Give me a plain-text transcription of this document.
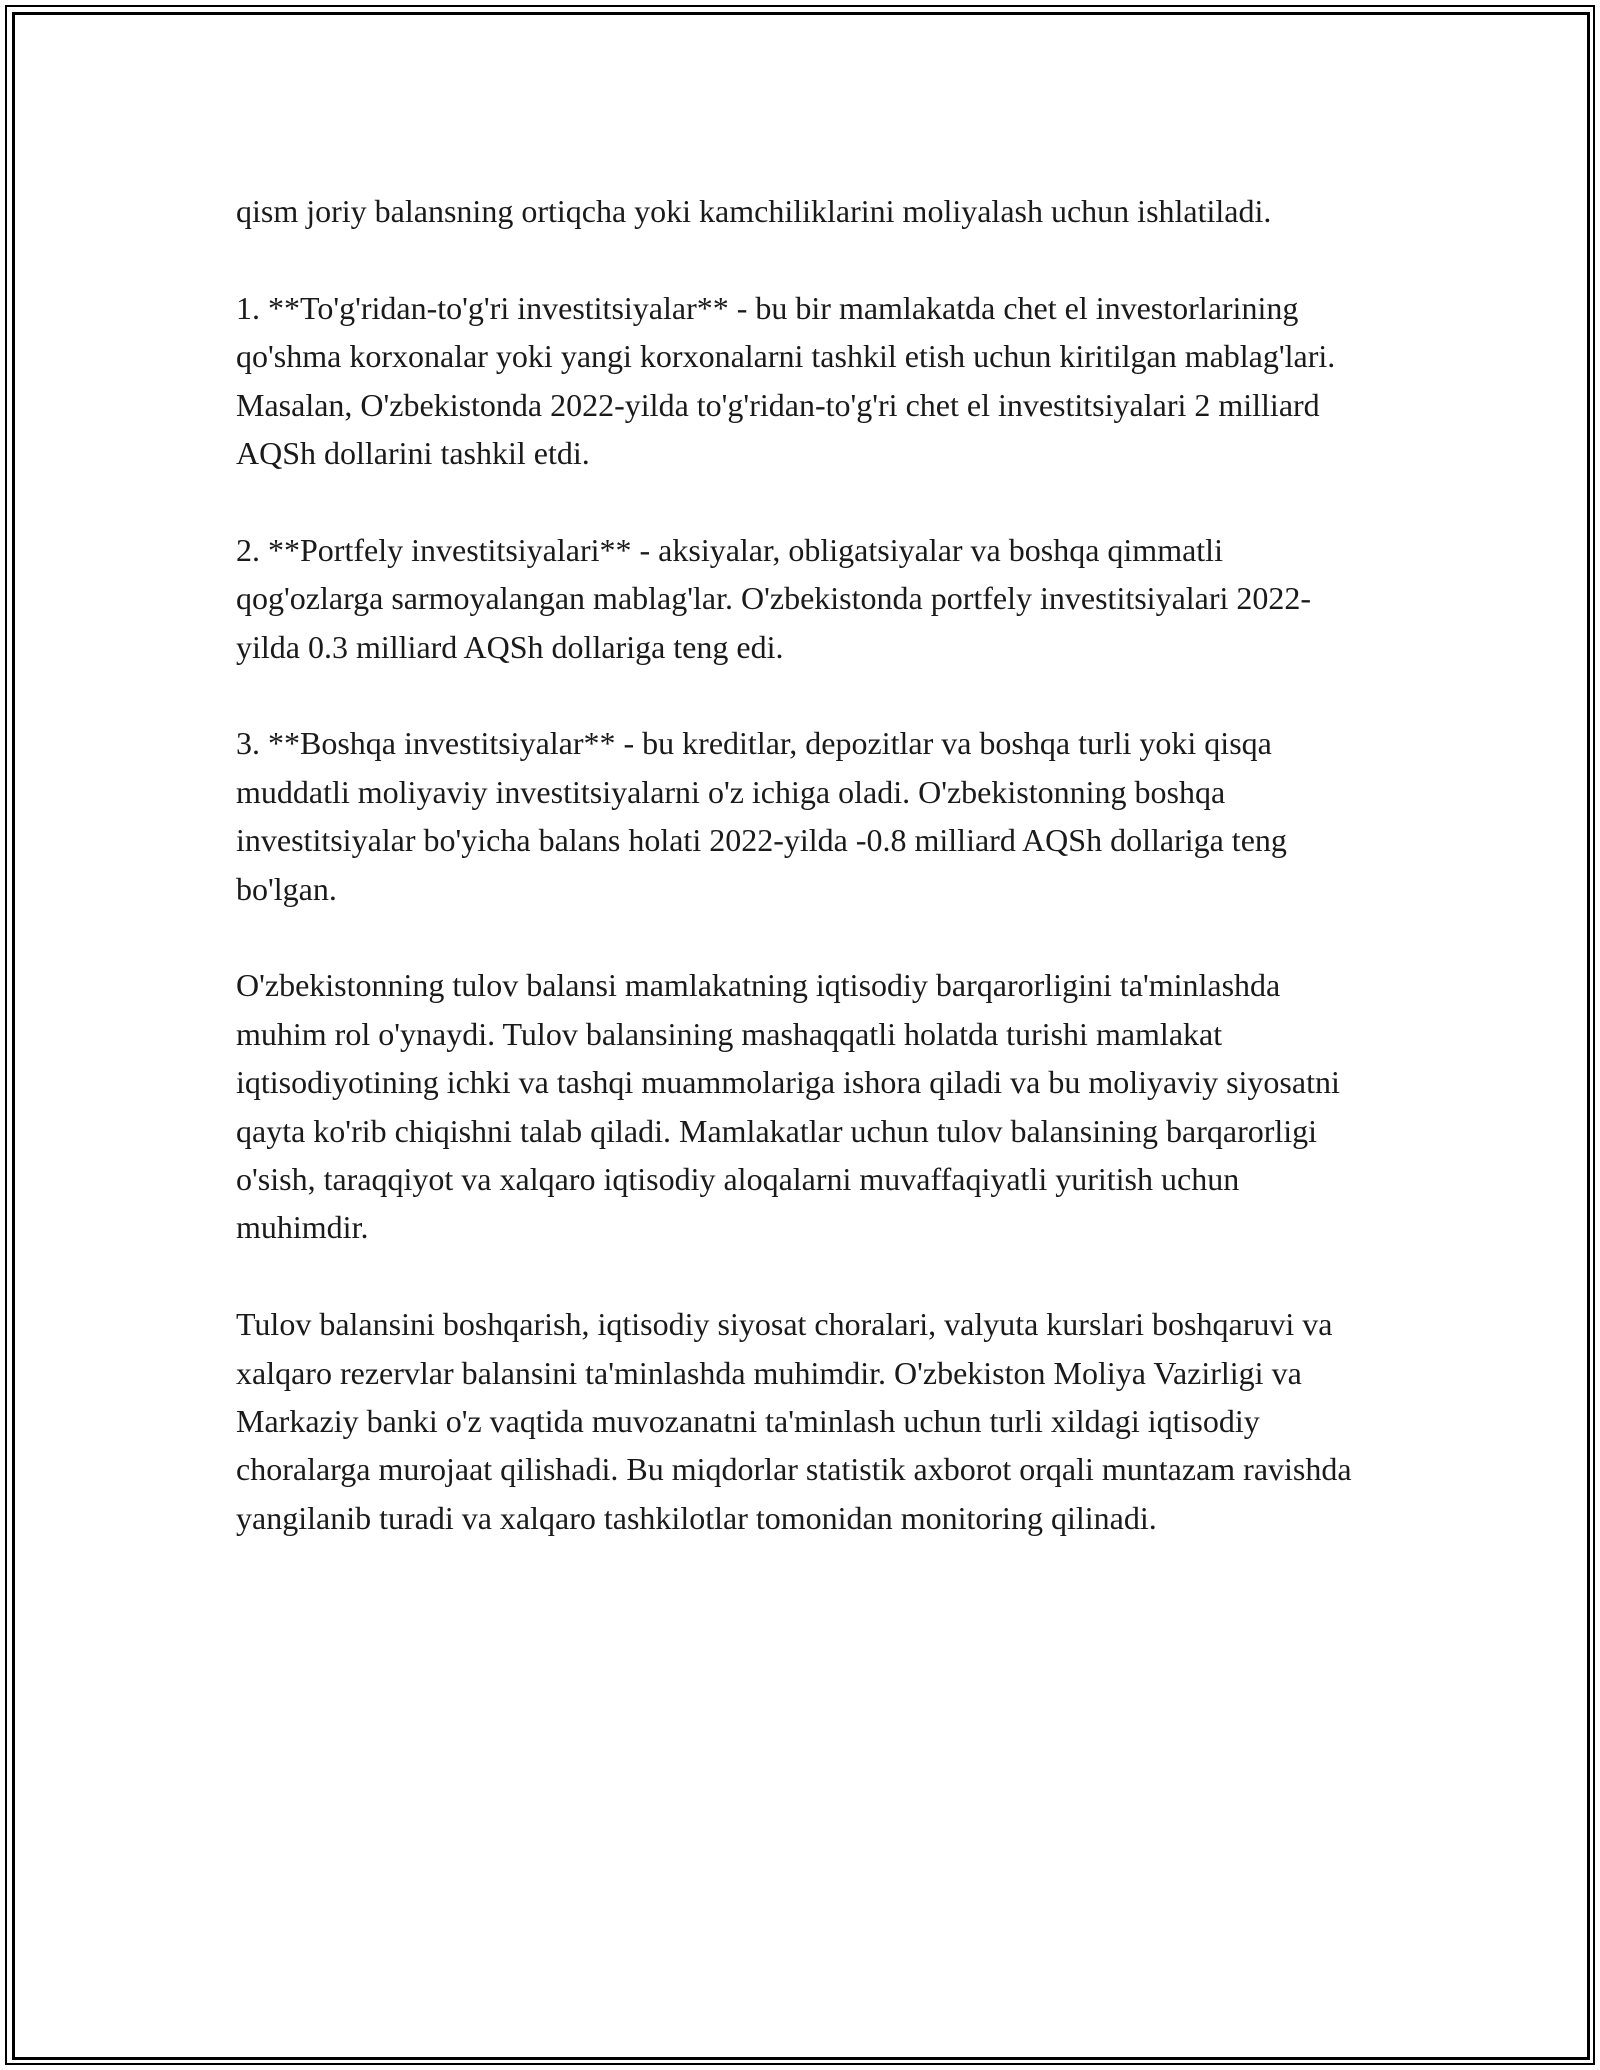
qism joriy balansning ortiqcha yoki kamchiliklarini moliyalash uchun ishlatiladi.

1. **To'g'ridan-to'g'ri investitsiyalar** - bu bir mamlakatda chet el investorlarining qo'shma korxonalar yoki yangi korxonalarni tashkil etish uchun kiritilgan mablag'lari. Masalan, O'zbekistonda 2022-yilda to'g'ridan-to'g'ri chet el investitsiyalari 2 milliard AQSh dollarini tashkil etdi.

2. **Portfely investitsiyalari** - aksiyalar, obligatsiyalar va boshqa qimmatli qog'ozlarga sarmoyalangan mablag'lar. O'zbekistonda portfely investitsiyalari 2022-yilda 0.3 milliard AQSh dollariga teng edi.

3. **Boshqa investitsiyalar** - bu kreditlar, depozitlar va boshqa turli yoki qisqa muddatli moliyaviy investitsiyalarni o'z ichiga oladi. O'zbekistonning boshqa investitsiyalar bo'yicha balans holati 2022-yilda -0.8 milliard AQSh dollariga teng bo'lgan.

O'zbekistonning tulov balansi mamlakatning iqtisodiy barqarorligini ta'minlashda muhim rol o'ynaydi. Tulov balansining mashaqqatli holatda turishi mamlakat iqtisodiyotining ichki va tashqi muammolariga ishora qiladi va bu moliyaviy siyosatni qayta ko'rib chiqishni talab qiladi. Mamlakatlar uchun tulov balansining barqarorligi o'sish, taraqqiyot va xalqaro iqtisodiy aloqalarni muvaffaqiyatli yuritish uchun muhimdir.

Tulov balansini boshqarish, iqtisodiy siyosat choralari, valyuta kurslari boshqaruvi va xalqaro rezervlar balansini ta'minlashda muhimdir. O'zbekiston Moliya Vazirligi va Markaziy banki o'z vaqtida muvozanatni ta'minlash uchun turli xildagi iqtisodiy choralarga murojaat qilishadi. Bu miqdorlar statistik axborot orqali muntazam ravishda yangilanib turadi va xalqaro tashkilotlar tomonidan monitoring qilinadi.
